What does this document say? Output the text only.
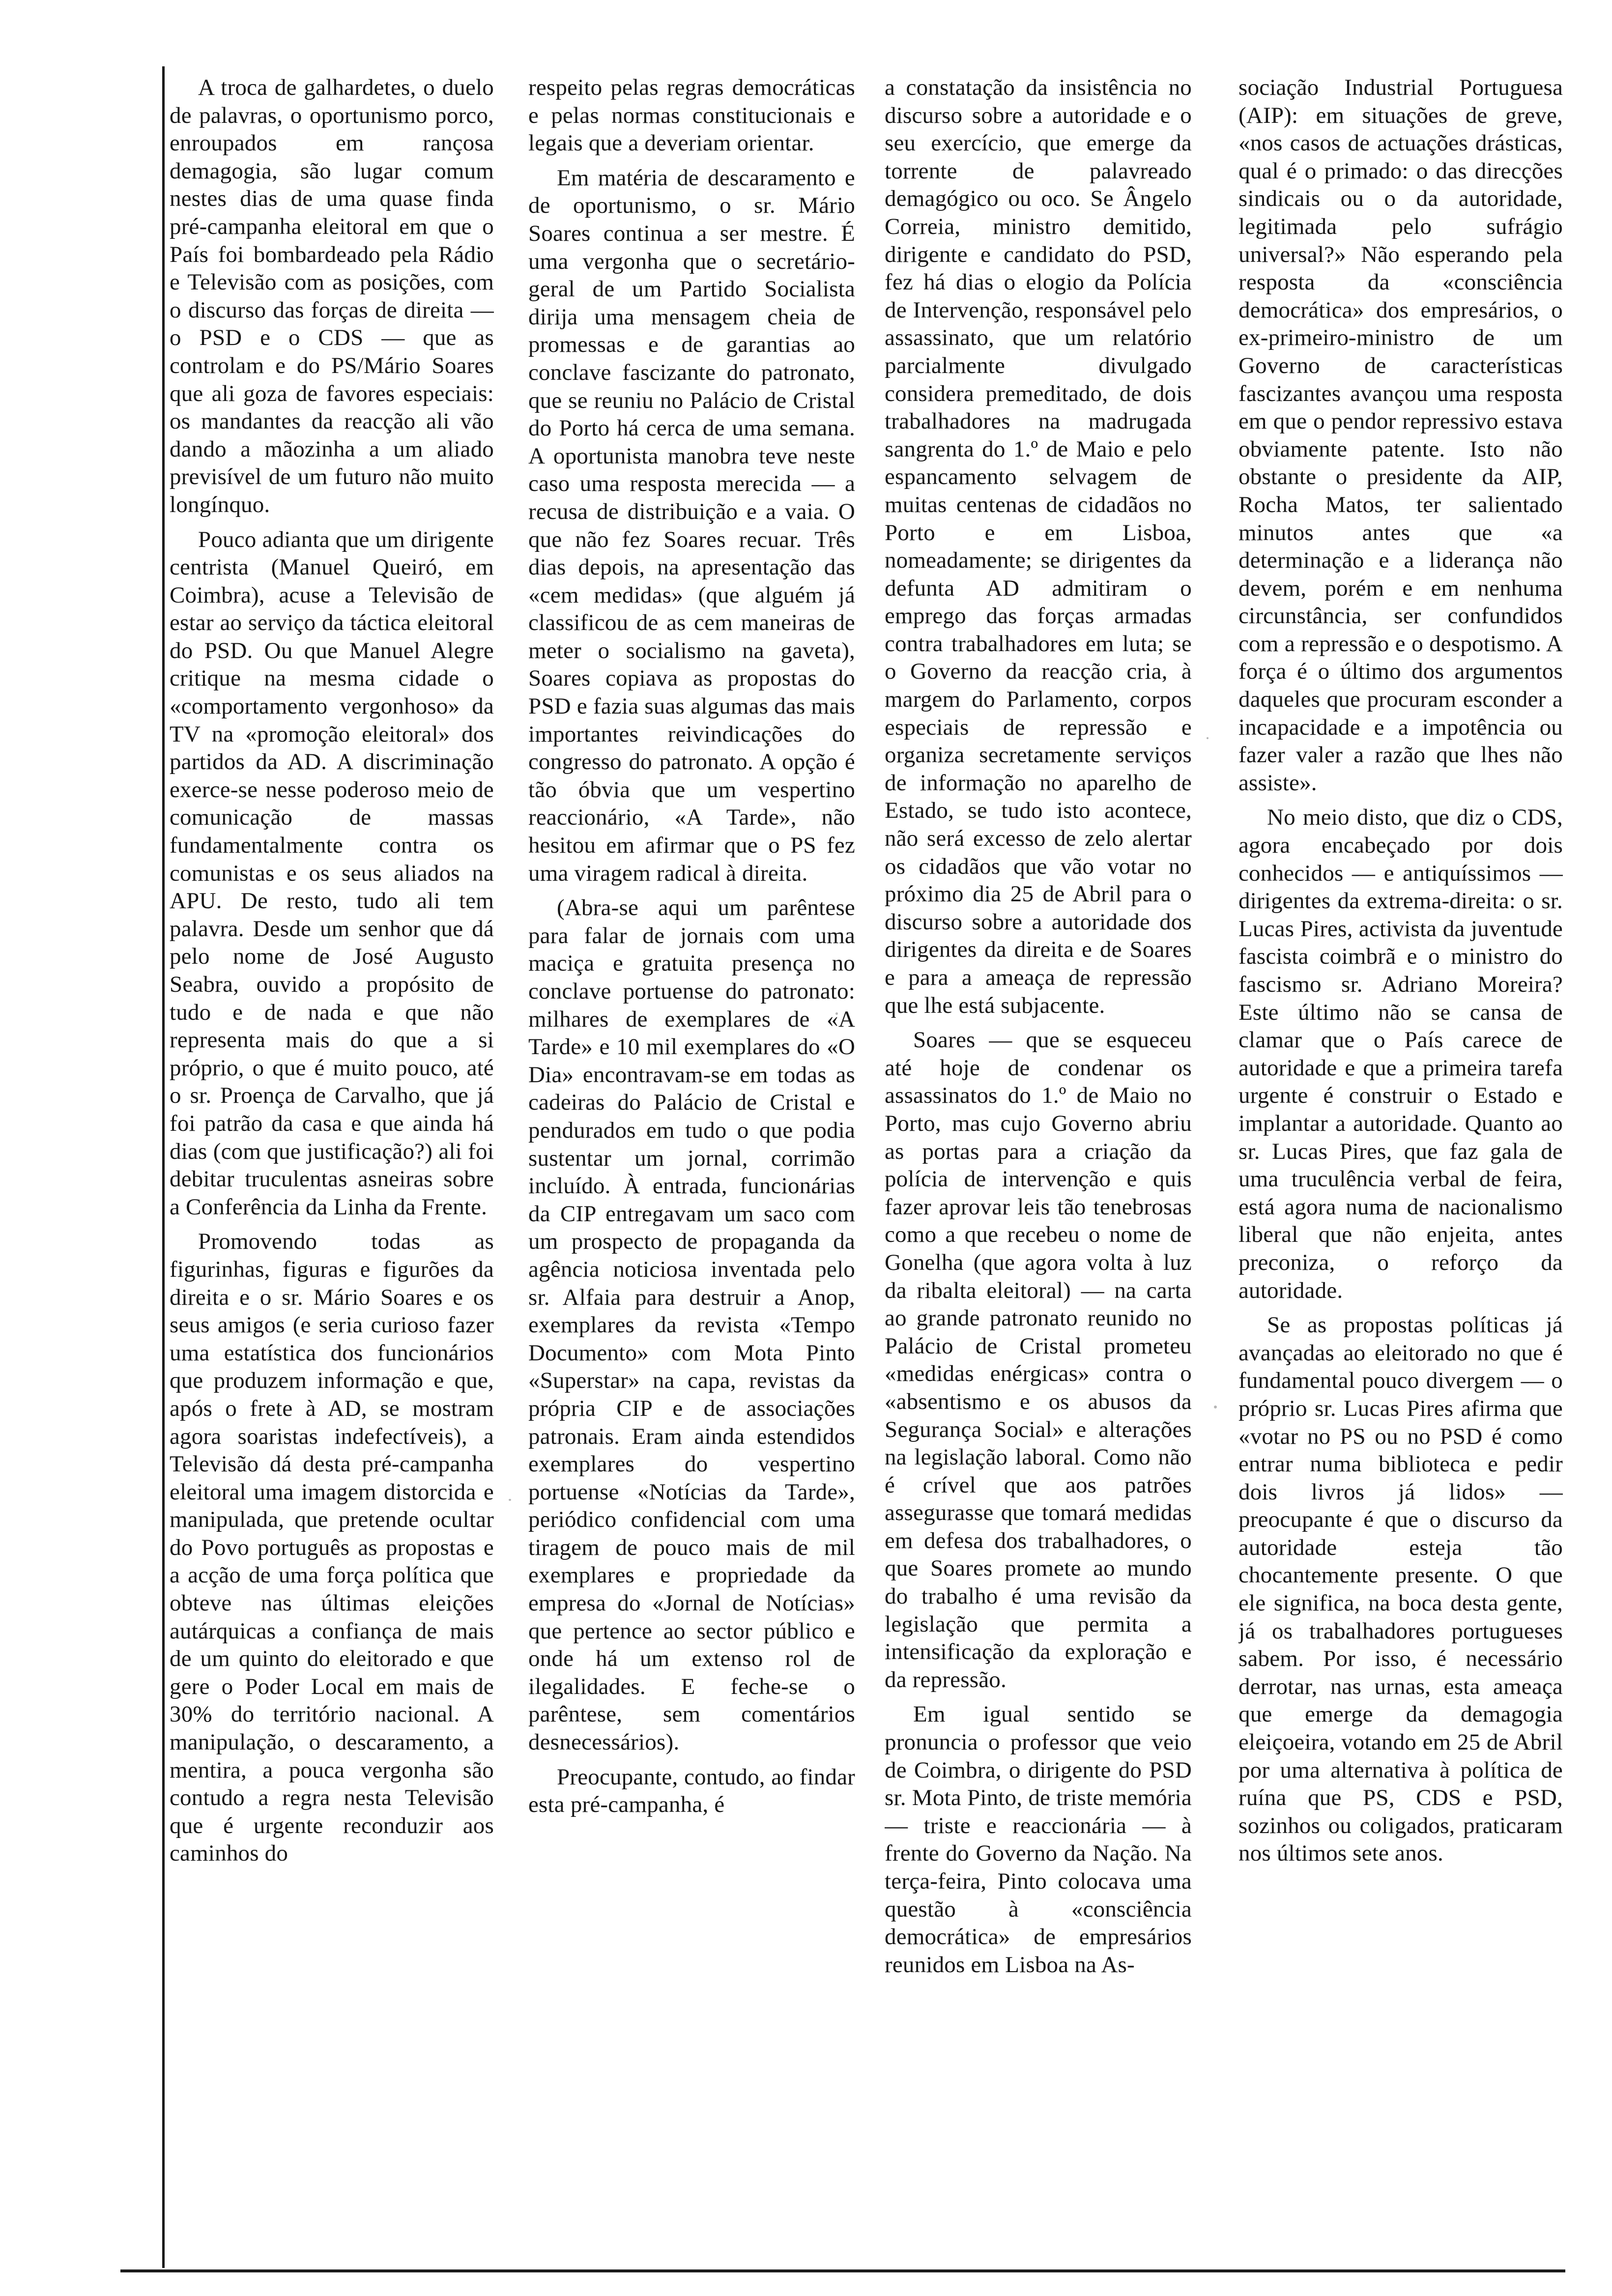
A troca de galhardetes, o duelo de palavras, o oportunismo porco, enroupados em rançosa demagogia, são lugar comum nestes dias de uma quase finda pré-campanha eleitoral em que o País foi bombardeado pela Rádio e Televisão com as posições, com o discurso das forças de direita — o PSD e o CDS — que as controlam e do PS/Mário Soares que ali goza de favores especiais: os mandantes da reacção ali vão dando a mãozinha a um aliado previsível de um futuro não muito longínquo.

Pouco adianta que um dirigente centrista (Manuel Queiró, em Coimbra), acuse a Televisão de estar ao serviço da táctica eleitoral do PSD. Ou que Manuel Alegre critique na mesma cidade o «comportamento vergonhoso» da TV na «promoção eleitoral» dos partidos da AD. A discriminação exerce-se nesse poderoso meio de comunicação de massas fundamentalmente contra os comunistas e os seus aliados na APU. De resto, tudo ali tem palavra. Desde um senhor que dá pelo nome de José Augusto Seabra, ouvido a propósito de tudo e de nada e que não representa mais do que a si próprio, o que é muito pouco, até o sr. Proença de Carvalho, que já foi patrão da casa e que ainda há dias (com que justificação?) ali foi debitar truculentas asneiras sobre a Conferência da Linha da Frente.

Promovendo todas as figurinhas, figuras e figurões da direita e o sr. Mário Soares e os seus amigos (e seria curioso fazer uma estatística dos funcionários que produzem informação e que, após o frete à AD, se mostram agora soaristas indefectíveis), a Televisão dá desta pré-campanha eleitoral uma imagem distorcida e manipulada, que pretende ocultar do Povo português as propostas e a acção de uma força política que obteve nas últimas eleições autárquicas a confiança de mais de um quinto do eleitorado e que gere o Poder Local em mais de 30% do território nacional. A manipulação, o descaramento, a mentira, a pouca vergonha são contudo a regra nesta Televisão que é urgente reconduzir aos caminhos do

respeito pelas regras democráticas e pelas normas constitucionais e legais que a deveriam orientar.

Em matéria de descaramento e de oportunismo, o sr. Mário Soares continua a ser mestre. É uma vergonha que o secretário-geral de um Partido Socialista dirija uma mensagem cheia de promessas e de garantias ao conclave fascizante do patronato, que se reuniu no Palácio de Cristal do Porto há cerca de uma semana. A oportunista manobra teve neste caso uma resposta merecida — a recusa de distribuição e a vaia. O que não fez Soares recuar. Três dias depois, na apresentação das «cem medidas» (que alguém já classificou de as cem maneiras de meter o socialismo na gaveta), Soares copiava as propostas do PSD e fazia suas algumas das mais importantes reivindicações do congresso do patronato. A opção é tão óbvia que um vespertino reaccionário, «A Tarde», não hesitou em afirmar que o PS fez uma viragem radical à direita.

(Abra-se aqui um parêntese para falar de jornais com uma maciça e gratuita presença no conclave portuense do patronato: milhares de exemplares de «A Tarde» e 10 mil exemplares do «O Dia» encontravam-se em todas as cadeiras do Palácio de Cristal e pendurados em tudo o que podia sustentar um jornal, corrimão incluído. À entrada, funcionárias da CIP entregavam um saco com um prospecto de propaganda da agência noticiosa inventada pelo sr. Alfaia para destruir a Anop, exemplares da revista «Tempo Documento» com Mota Pinto «Superstar» na capa, revistas da própria CIP e de associações patronais. Eram ainda estendidos exemplares do vespertino portuense «Notícias da Tarde», periódico confidencial com uma tiragem de pouco mais de mil exemplares e propriedade da empresa do «Jornal de Notícias» que pertence ao sector público e onde há um extenso rol de ilegalidades. E feche-se o parêntese, sem comentários desnecessários).

Preocupante, contudo, ao findar esta pré-campanha, é

a constatação da insistência no discurso sobre a autoridade e o seu exercício, que emerge da torrente de palavreado demagógico ou oco. Se Ângelo Correia, ministro demitido, dirigente e candidato do PSD, fez há dias o elogio da Polícia de Intervenção, responsável pelo assassinato, que um relatório parcialmente divulgado considera premeditado, de dois trabalhadores na madrugada sangrenta do 1.º de Maio e pelo espancamento selvagem de muitas centenas de cidadãos no Porto e em Lisboa, nomeadamente; se dirigentes da defunta AD admitiram o emprego das forças armadas contra trabalhadores em luta; se o Governo da reacção cria, à margem do Parlamento, corpos especiais de repressão e organiza secretamente serviços de informação no aparelho de Estado, se tudo isto acontece, não será excesso de zelo alertar os cidadãos que vão votar no próximo dia 25 de Abril para o discurso sobre a autoridade dos dirigentes da direita e de Soares e para a ameaça de repressão que lhe está subjacente.

Soares — que se esqueceu até hoje de condenar os assassinatos do 1.º de Maio no Porto, mas cujo Governo abriu as portas para a criação da polícia de intervenção e quis fazer aprovar leis tão tenebrosas como a que recebeu o nome de Gonelha (que agora volta à luz da ribalta eleitoral) — na carta ao grande patronato reunido no Palácio de Cristal prometeu «medidas enérgicas» contra o «absentismo e os abusos da Segurança Social» e alterações na legislação laboral. Como não é crível que aos patrões assegurasse que tomará medidas em defesa dos trabalhadores, o que Soares promete ao mundo do trabalho é uma revisão da legislação que permita a intensificação da exploração e da repressão.

Em igual sentido se pronuncia o professor que veio de Coimbra, o dirigente do PSD sr. Mota Pinto, de triste memória — triste e reaccionária — à frente do Governo da Nação. Na terça-feira, Pinto colocava uma questão à «consciência democrática» de empresários reunidos em Lisboa na As-

sociação Industrial Portuguesa (AIP): em situações de greve, «nos casos de actuações drásticas, qual é o primado: o das direcções sindicais ou o da autoridade, legitimada pelo sufrágio universal?» Não esperando pela resposta da «consciência democrática» dos empresários, o ex-primeiro-ministro de um Governo de características fascizantes avançou uma resposta em que o pendor repressivo estava obviamente patente. Isto não obstante o presidente da AIP, Rocha Matos, ter salientado minutos antes que «a determinação e a liderança não devem, porém e em nenhuma circunstância, ser confundidos com a repressão e o despotismo. A força é o último dos argumentos daqueles que procuram esconder a incapacidade e a impotência ou fazer valer a razão que lhes não assiste».

No meio disto, que diz o CDS, agora encabeçado por dois conhecidos — e antiquíssimos — dirigentes da extrema-direita: o sr. Lucas Pires, activista da juventude fascista coimbrã e o ministro do fascismo sr. Adriano Moreira? Este último não se cansa de clamar que o País carece de autoridade e que a primeira tarefa urgente é construir o Estado e implantar a autoridade. Quanto ao sr. Lucas Pires, que faz gala de uma truculência verbal de feira, está agora numa de nacionalismo liberal que não enjeita, antes preconiza, o reforço da autoridade.

Se as propostas políticas já avançadas ao eleitorado no que é fundamental pouco divergem — o próprio sr. Lucas Pires afirma que «votar no PS ou no PSD é como entrar numa biblioteca e pedir dois livros já lidos» — preocupante é que o discurso da autoridade esteja tão chocantemente presente. O que ele significa, na boca desta gente, já os trabalhadores portugueses sabem. Por isso, é necessário derrotar, nas urnas, esta ameaça que emerge da demagogia eleiçoeira, votando em 25 de Abril por uma alternativa à política de ruína que PS, CDS e PSD, sozinhos ou coligados, praticaram nos últimos sete anos.
